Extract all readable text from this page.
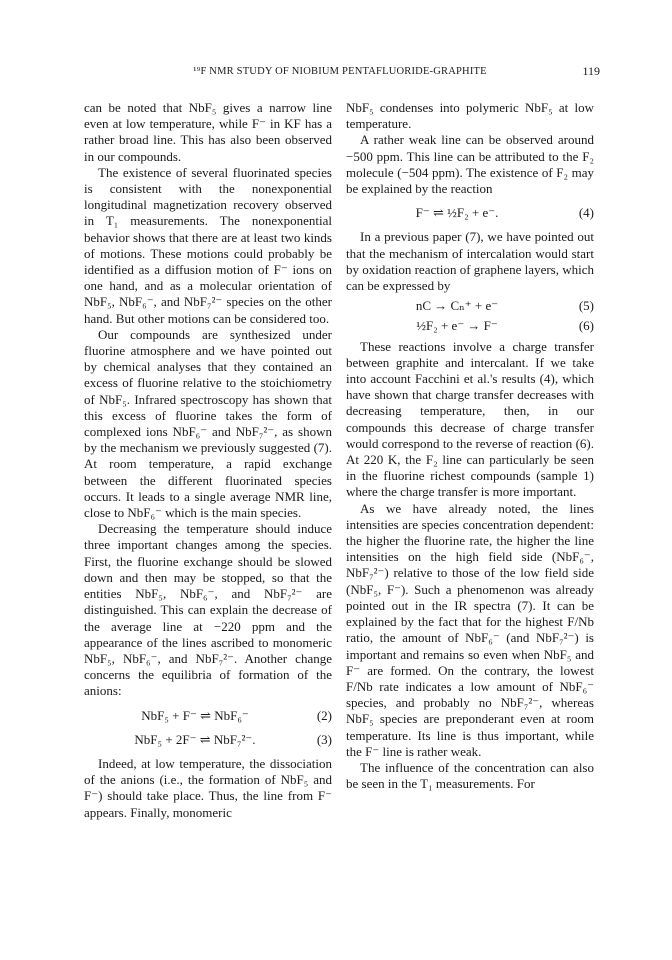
¹⁹F NMR STUDY OF NIOBIUM PENTAFLUORIDE-GRAPHITE	119

can be noted that NbF₅ gives a narrow line even at low temperature, while F⁻ in KF has a rather broad line. This has also been observed in our compounds.

The existence of several fluorinated species is consistent with the nonexponential longitudinal magnetization recovery observed in T₁ measurements. The nonexponential behavior shows that there are at least two kinds of motions. These motions could probably be identified as a diffusion motion of F⁻ ions on one hand, and as a molecular orientation of NbF₅, NbF₆⁻, and NbF₇²⁻ species on the other hand. But other motions can be considered too.

Our compounds are synthesized under fluorine atmosphere and we have pointed out by chemical analyses that they contained an excess of fluorine relative to the stoichiometry of NbF₅. Infrared spectroscopy has shown that this excess of fluorine takes the form of complexed ions NbF₆⁻ and NbF₇²⁻, as shown by the mechanism we previously suggested (7). At room temperature, a rapid exchange between the different fluorinated species occurs. It leads to a single average NMR line, close to NbF₆⁻ which is the main species.

Decreasing the temperature should induce three important changes among the species. First, the fluorine exchange should be slowed down and then may be stopped, so that the entities NbF₅, NbF₆⁻, and NbF₇²⁻ are distinguished. This can explain the decrease of the average line at −220 ppm and the appearance of the lines ascribed to monomeric NbF₅, NbF₆⁻, and NbF₇²⁻. Another change concerns the equilibria of formation of the anions:

NbF₅ + F⁻ ⇌ NbF₆⁻	(2)
NbF₅ + 2F⁻ ⇌ NbF₇²⁻.	(3)

Indeed, at low temperature, the dissociation of the anions (i.e., the formation of NbF₅ and F⁻) should take place. Thus, the line from F⁻ appears. Finally, monomeric

NbF₅ condenses into polymeric NbF₅ at low temperature.

A rather weak line can be observed around −500 ppm. This line can be attributed to the F₂ molecule (−504 ppm). The existence of F₂ may be explained by the reaction

F⁻ ⇌ ½F₂ + e⁻.	(4)

In a previous paper (7), we have pointed out that the mechanism of intercalation would start by oxidation reaction of graphene layers, which can be expressed by

nC → Cₙ⁺ + e⁻	(5)
½F₂ + e⁻ → F⁻	(6)

These reactions involve a charge transfer between graphite and intercalant. If we take into account Facchini et al.'s results (4), which have shown that charge transfer decreases with decreasing temperature, then, in our compounds this decrease of charge transfer would correspond to the reverse of reaction (6). At 220 K, the F₂ line can particularly be seen in the fluorine richest compounds (sample 1) where the charge transfer is more important.

As we have already noted, the lines intensities are species concentration dependent: the higher the fluorine rate, the higher the line intensities on the high field side (NbF₆⁻, NbF₇²⁻) relative to those of the low field side (NbF₅, F⁻). Such a phenomenon was already pointed out in the IR spectra (7). It can be explained by the fact that for the highest F/Nb ratio, the amount of NbF₆⁻ (and NbF₇²⁻) is important and remains so even when NbF₅ and F⁻ are formed. On the contrary, the lowest F/Nb rate indicates a low amount of NbF₆⁻ species, and probably no NbF₇²⁻, whereas NbF₅ species are preponderant even at room temperature. Its line is thus important, while the F⁻ line is rather weak.

The influence of the concentration can also be seen in the T₁ measurements. For
